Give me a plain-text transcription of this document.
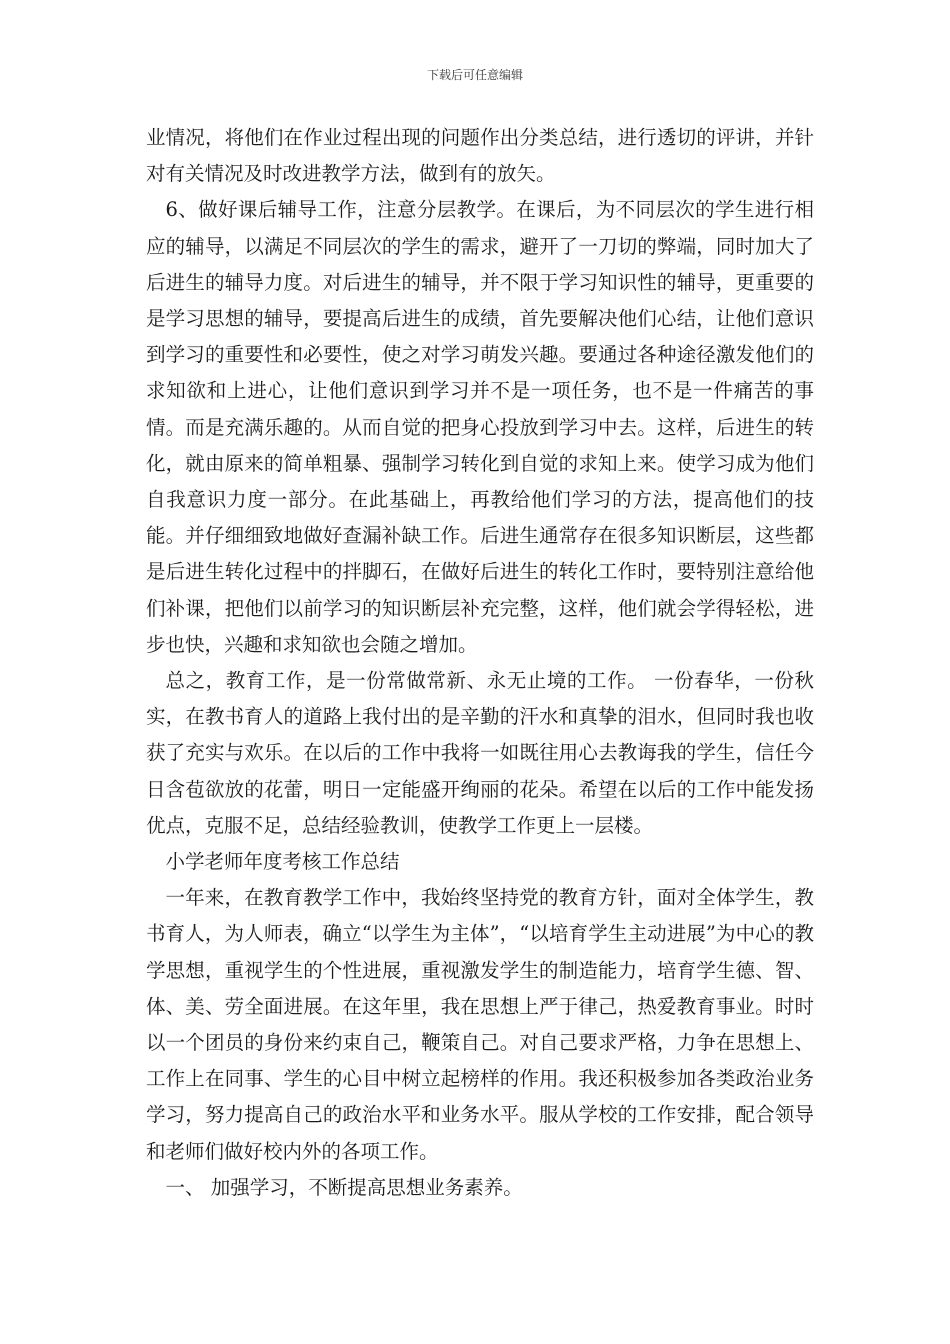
下载后可任意编辑

业情况，将他们在作业过程出现的问题作出分类总结，进行透切的评讲，并针对有关情况及时改进教学方法，做到有的放矢。

6、做好课后辅导工作，注意分层教学。在课后，为不同层次的学生进行相应的辅导，以满足不同层次的学生的需求，避开了一刀切的弊端，同时加大了后进生的辅导力度。对后进生的辅导，并不限于学习知识性的辅导，更重要的是学习思想的辅导，要提高后进生的成绩，首先要解决他们心结，让他们意识到学习的重要性和必要性，使之对学习萌发兴趣。要通过各种途径激发他们的求知欲和上进心，让他们意识到学习并不是一项任务，也不是一件痛苦的事情。而是充满乐趣的。从而自觉的把身心投放到学习中去。这样，后进生的转化，就由原来的简单粗暴、强制学习转化到自觉的求知上来。使学习成为他们自我意识力度一部分。在此基础上，再教给他们学习的方法，提高他们的技能。并仔细细致地做好查漏补缺工作。后进生通常存在很多知识断层，这些都是后进生转化过程中的拌脚石，在做好后进生的转化工作时，要特别注意给他们补课，把他们以前学习的知识断层补充完整，这样，他们就会学得轻松，进步也快，兴趣和求知欲也会随之增加。

总之，教育工作，是一份常做常新、永无止境的工作。 一份春华，一份秋实，在教书育人的道路上我付出的是辛勤的汗水和真挚的泪水，但同时我也收获了充实与欢乐。在以后的工作中我将一如既往用心去教诲我的学生，信任今日含苞欲放的花蕾，明日一定能盛开绚丽的花朵。希望在以后的工作中能发扬优点，克服不足，总结经验教训，使教学工作更上一层楼。

小学老师年度考核工作总结

一年来，在教育教学工作中，我始终坚持党的教育方针，面对全体学生，教书育人，为人师表，确立“以学生为主体”，“以培育学生主动进展”为中心的教学思想，重视学生的个性进展，重视激发学生的制造能力，培育学生德、智、体、美、劳全面进展。在这年里，我在思想上严于律己，热爱教育事业。时时以一个团员的身份来约束自己，鞭策自己。对自己要求严格，力争在思想上、工作上在同事、学生的心目中树立起榜样的作用。我还积极参加各类政治业务学习，努力提高自己的政治水平和业务水平。服从学校的工作安排，配合领导和老师们做好校内外的各项工作。

一、 加强学习，不断提高思想业务素养。
